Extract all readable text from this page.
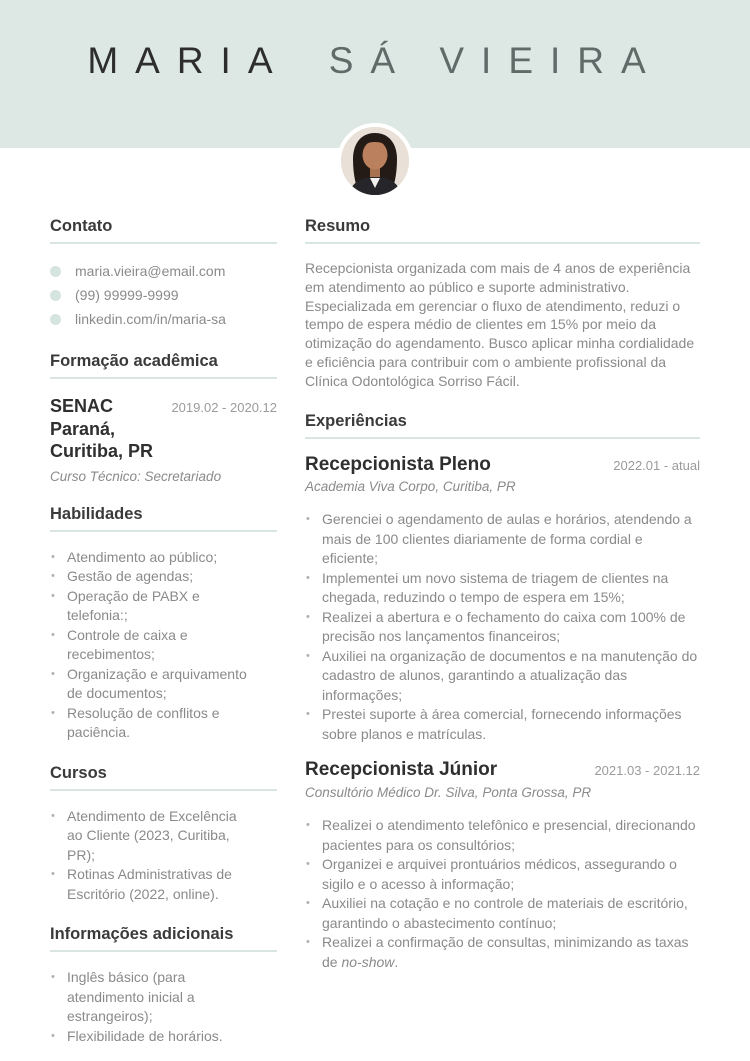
MARIA SÁ VIEIRA
Contato
maria.vieira@email.com
(99) 99999-9999
linkedin.com/in/maria-sa
Formação acadêmica
SENAC
Paraná, Curitiba, PR
2019.02 - 2020.12
Curso Técnico: Secretariado
Habilidades
• Atendimento ao público;
• Gestão de agendas;
• Operação de PABX e telefonia:;
• Controle de caixa e recebimentos;
• Organização e arquivamento de documentos;
• Resolução de conflitos e paciência.
Cursos
• Atendimento de Excelência ao Cliente (2023, Curitiba, PR);
• Rotinas Administrativas de Escritório (2022, online).
Informações adicionais
• Inglês básico (para atendimento inicial a estrangeiros);
• Flexibilidade de horários.
Resumo

Recepcionista organizada com mais de 4 anos de experiência em atendimento ao público e suporte administrativo. Especializada em gerenciar o fluxo de atendimento, reduzi o tempo de espera médio de clientes em 15% por meio da otimização do agendamento. Busco aplicar minha cordialidade e eficiência para contribuir com o ambiente profissional da Clínica Odontológica Sorriso Fácil.

Experiências
Recepcionista Pleno	2022.01 - atual
Academia Viva Corpo, Curitiba, PR
• Gerenciei o agendamento de aulas e horários, atendendo a mais de 100 clientes diariamente de forma cordial e eficiente;
• Implementei um novo sistema de triagem de clientes na chegada, reduzindo o tempo de espera em 15%;
• Realizei a abertura e o fechamento do caixa com 100% de precisão nos lançamentos financeiros;
• Auxiliei na organização de documentos e na manutenção do cadastro de alunos, garantindo a atualização das informações;
• Prestei suporte à área comercial, fornecendo informações sobre planos e matrículas.
Recepcionista Júnior	2021.03 - 2021.12
Consultório Médico Dr. Silva, Ponta Grossa, PR
• Realizei o atendimento telefônico e presencial, direcionando pacientes para os consultórios;
• Organizei e arquivei prontuários médicos, assegurando o sigilo e o acesso à informação;
• Auxiliei na cotação e no controle de materiais de escritório, garantindo o abastecimento contínuo;
• Realizei a confirmação de consultas, minimizando as taxas de no-show.
